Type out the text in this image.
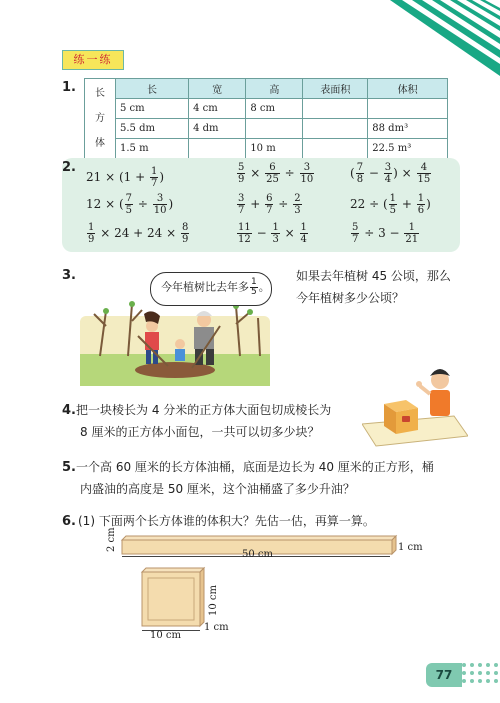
练一练
1.	长
方
体	长	宽	高	表面积	体积
	5 cm	4 cm	8 cm		
	5.5 dm	4 dm			88 dm³
	1.5 m		10 m		22.5 m³
2.
$21 \times (1 + \frac{1}{7}$ )	$\frac{5}{9} \times \frac{6}{25} \div \frac{3}{10}$	( $\frac{7}{8} - \frac{3}{4}$ ) × $\frac{4}{15}$
12 × ( $\frac{7}{5} \div \frac{3}{10}$ )	$\frac{3}{7} + \frac{6}{7} \div \frac{2}{3}$	22 ÷ ( $\frac{1}{5} + \frac{1}{6}$ )
$\frac{1}{9} \times 24 + 24 \times \frac{8}{9}$	$\frac{11}{12} - \frac{1}{3} \times \frac{1}{4}$	$\frac{5}{7} \div 3 - \frac{1}{21}$
3.
今年植树比去年多 $\frac{1}{5}$ 。
如果去年植树 45 公顷，那么
今年植树多少公顷？
4. 把一块棱长为 4 分米的正方体大面包切成棱长为
8 厘米的正方体小面包，一共可以切多少块？
5. 一个高 60 厘米的长方体油桶，底面是边长为 40 厘米的正方形，桶
内盛油的高度是 50 厘米，这个油桶盛了多少升油？
6. (1) 下面两个长方体谁的体积大？先估一估，再算一算。
2 cm
50 cm
1 cm
10 cm
10 cm
1 cm
77
